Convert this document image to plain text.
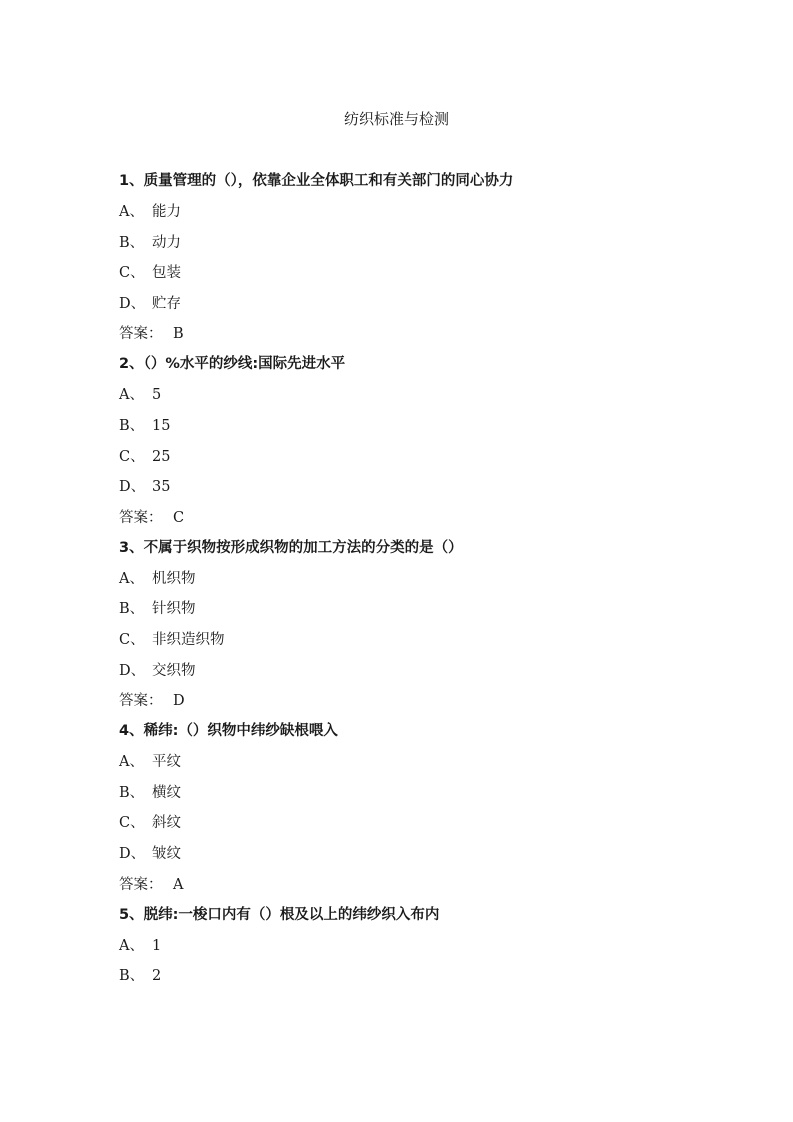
纺织标准与检测
1、质量管理的（），依靠企业全体职工和有关部门的同心协力
A、 能力
B、 动力
C、 包装
D、 贮存
答案： B
2、（）%水平的纱线:国际先进水平
A、 5
B、 15
C、 25
D、 35
答案： C
3、不属于织物按形成织物的加工方法的分类的是（）
A、 机织物
B、 针织物
C、 非织造织物
D、 交织物
答案： D
4、稀纬:（）织物中纬纱缺根喂入
A、 平纹
B、 横纹
C、 斜纹
D、 皱纹
答案： A
5、脱纬:一梭口内有（）根及以上的纬纱织入布内
A、 1
B、 2
